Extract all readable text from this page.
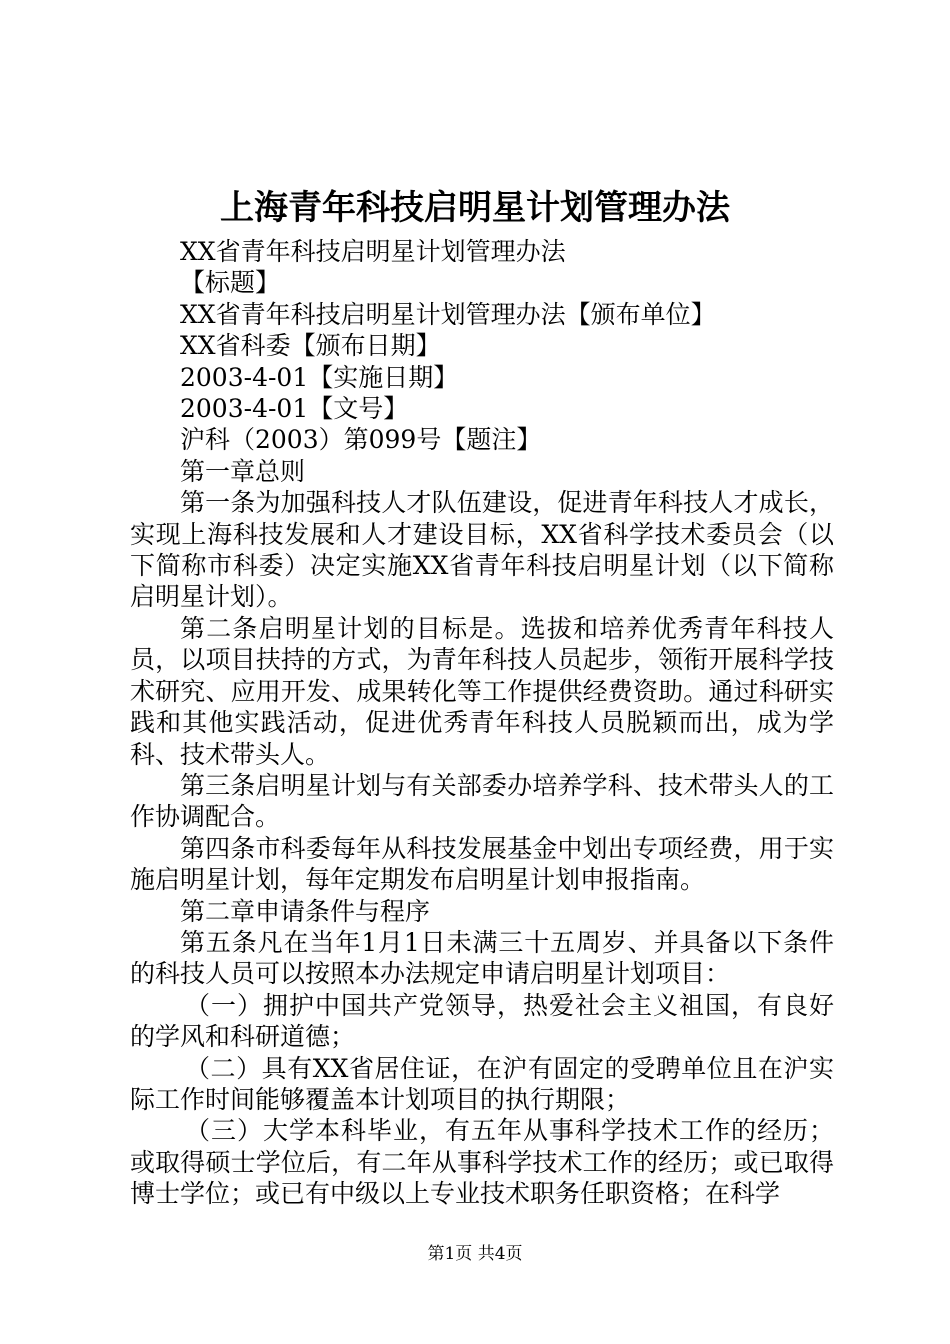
上海青年科技启明星计划管理办法

XX省青年科技启明星计划管理办法

【标题】

XX省青年科技启明星计划管理办法【颁布单位】

XX省科委【颁布日期】

2003-4-01【实施日期】

2003-4-01【文号】

沪科（2003）第099号【题注】

第一章总则

第一条为加强科技人才队伍建设，促进青年科技人才成长，实现上海科技发展和人才建设目标，XX省科学技术委员会（以下简称市科委）决定实施XX省青年科技启明星计划（以下简称启明星计划）。

第二条启明星计划的目标是。选拔和培养优秀青年科技人员，以项目扶持的方式，为青年科技人员起步，领衔开展科学技术研究、应用开发、成果转化等工作提供经费资助。通过科研实践和其他实践活动，促进优秀青年科技人员脱颖而出，成为学科、技术带头人。

第三条启明星计划与有关部委办培养学科、技术带头人的工作协调配合。

第四条市科委每年从科技发展基金中划出专项经费，用于实施启明星计划，每年定期发布启明星计划申报指南。

第二章申请条件与程序

第五条凡在当年1月1日未满三十五周岁、并具备以下条件的科技人员可以按照本办法规定申请启明星计划项目：

（一）拥护中国共产党领导，热爱社会主义祖国，有良好的学风和科研道德；

（二）具有XX省居住证，在沪有固定的受聘单位且在沪实际工作时间能够覆盖本计划项目的执行期限；

（三）大学本科毕业，有五年从事科学技术工作的经历；或取得硕士学位后，有二年从事科学技术工作的经历；或已取得博士学位；或已有中级以上专业技术职务任职资格；在科学

第1页 共4页
